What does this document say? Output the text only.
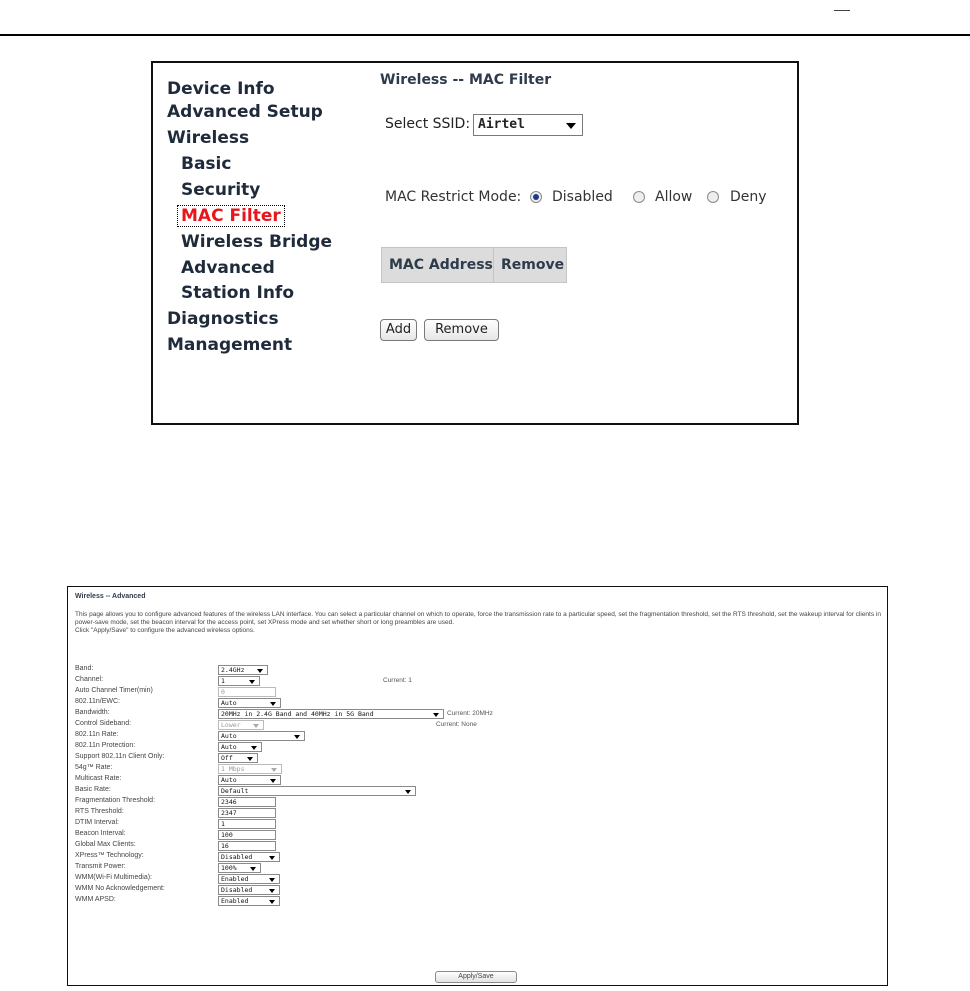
Device Info
Advanced Setup
Wireless
Basic
Security
MAC Filter
Wireless Bridge
Advanced
Station Info
Diagnostics
Management
Wireless -- MAC Filter
Select SSID: Airtel
MAC Restrict Mode: Disabled	Allow	Deny
MAC Address Remove
Add	Remove
Wireless -- Advanced
This page allows you to configure advanced features of the wireless LAN interface. You can select a particular channel on which to operate, force the transmission rate to a particular speed, set the fragmentation threshold, set the RTS threshold, set the wakeup interval for clients in power-save mode, set the beacon interval for the access point, set XPress mode and set whether short or long preambles are used.
Click "Apply/Save" to configure the advanced wireless options.
Band:	2.4GHz
Channel:	1	Current: 1
Auto Channel Timer(min)	0
802.11n/EWC:	Auto
Bandwidth:	20MHz in 2.4G Band and 40MHz in 5G Band	Current: 20MHz
Control Sideband:	Lower	Current: None
802.11n Rate:	Auto
802.11n Protection:	Auto
Support 802.11n Client Only:	Off
54g™ Rate:	1 Mbps
Multicast Rate:	Auto
Basic Rate:	Default
Fragmentation Threshold:	2346
RTS Threshold:	2347
DTIM Interval:	1
Beacon Interval:	100
Global Max Clients:	16
XPress™ Technology:	Disabled
Transmit Power:	100%
WMM(Wi-Fi Multimedia):	Enabled
WMM No Acknowledgement:	Disabled
WMM APSD:	Enabled
Apply/Save
